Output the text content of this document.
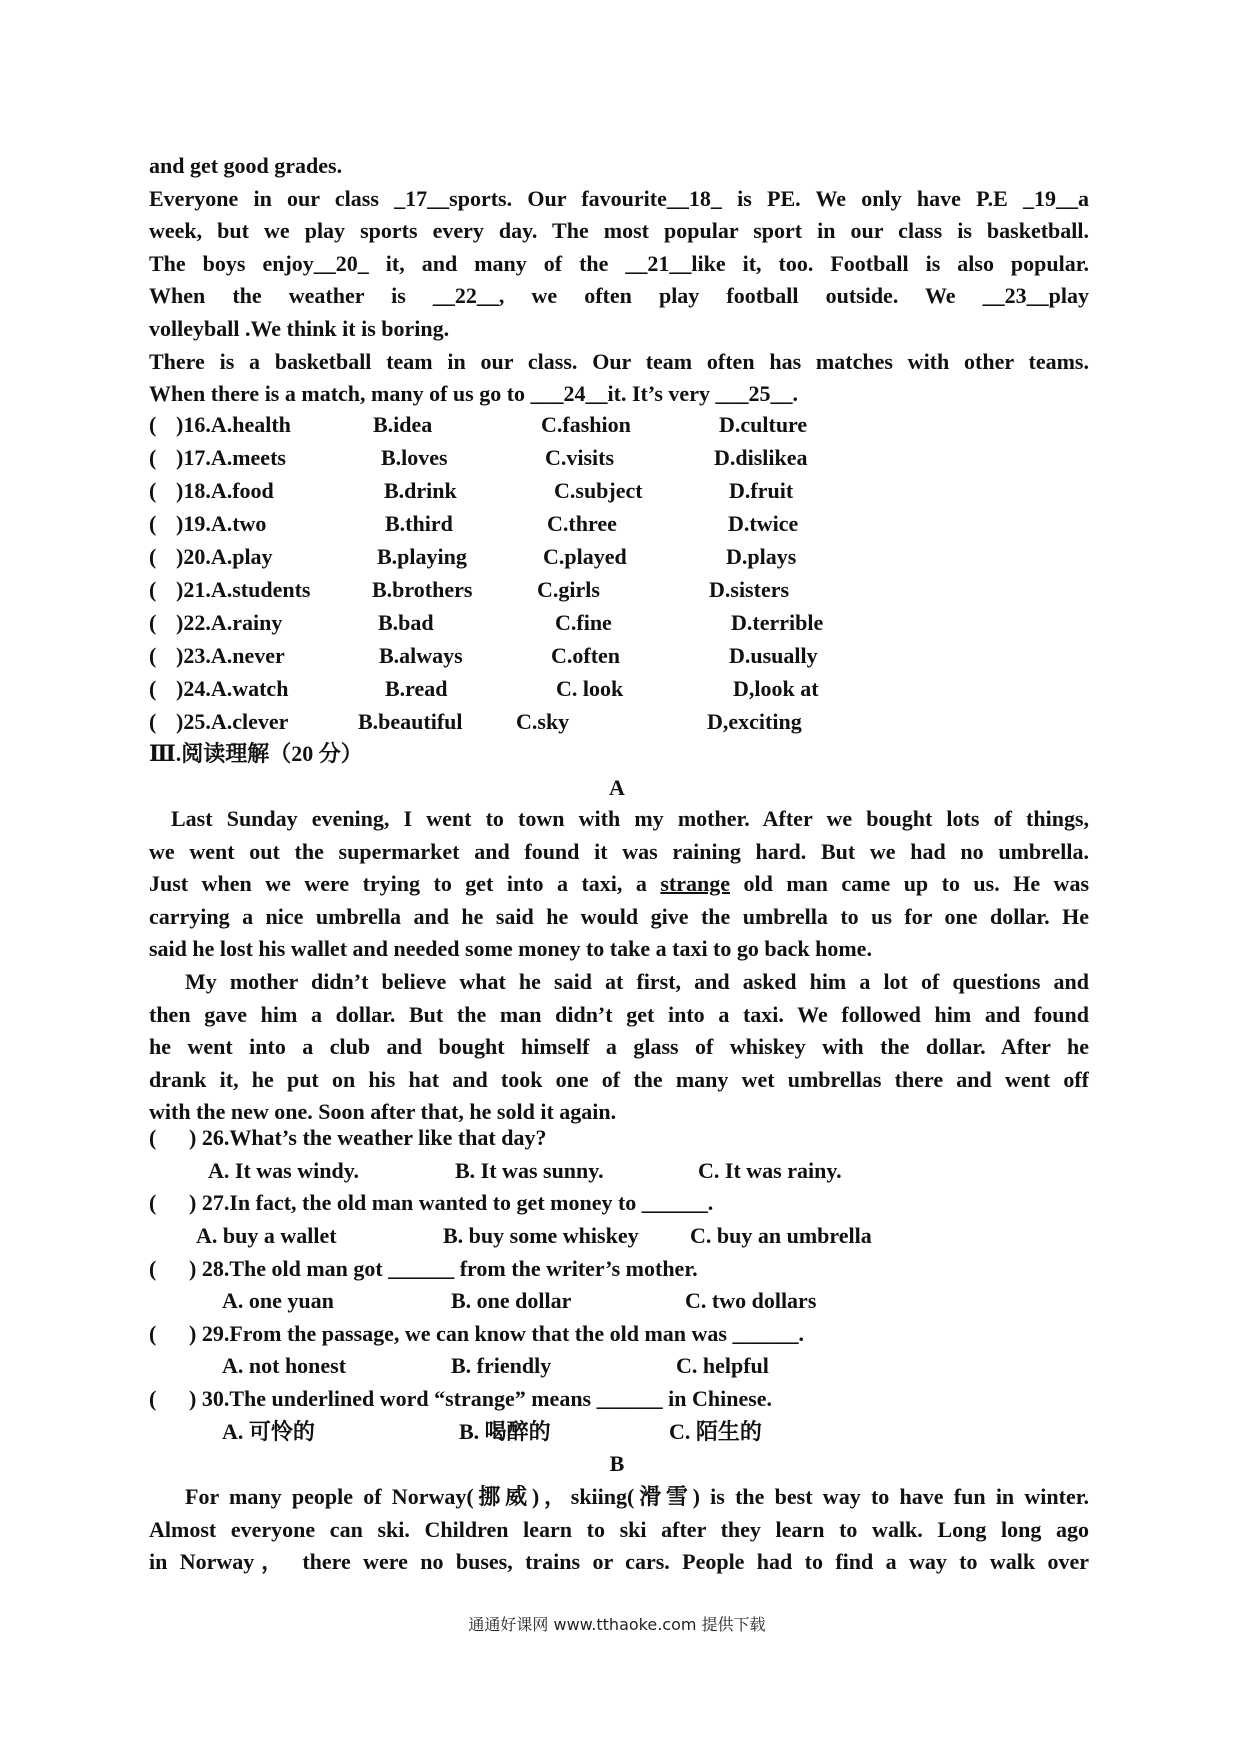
and get good grades.
Everyone in our class _17__sports. Our favourite__18_ is PE. We only have P.E _19__a
week, but we play sports every day. The most popular sport in our class is basketball.
The boys enjoy__20_ it, and many of the __21__like it, too. Football is also popular.
When the weather is __22__, we often play football outside. We __23__play
volleyball .We think it is boring.
There is a basketball team in our class. Our team often has matches with other teams.
When there is a match, many of us go to ___24__it. It’s very ___25__.
( )16.A.health	B.idea	C.fashion	D.culture
( )17.A.meets	B.loves	C.visits	D.dislikea
( )18.A.food	B.drink	C.subject	D.fruit
( )19.A.two	B.third	C.three	D.twice
( )20.A.play	B.playing	C.played	D.plays
( )21.A.students	B.brothers	C.girls	D.sisters
( )22.A.rainy	B.bad	C.fine	D.terrible
( )23.A.never	B.always	C.often	D.usually
( )24.A.watch	B.read	C. look	D,look at
( )25.A.clever	B.beautiful C.sky	D,exciting
Ⅲ.阅读理解（20 分）
A
Last Sunday evening, I went to town with my mother. After we bought lots of things,
we went out the supermarket and found it was raining hard. But we had no umbrella.
Just when we were trying to get into a taxi, a strange old man came up to us. He was
carrying a nice umbrella and he said he would give the umbrella to us for one dollar. He
said he lost his wallet and needed some money to take a taxi to go back home.
My mother didn’t believe what he said at first, and asked him a lot of questions and
then gave him a dollar. But the man didn’t get into a taxi. We followed him and found
he went into a club and bought himself a glass of whiskey with the dollar. After he
drank it, he put on his hat and took one of the many wet umbrellas there and went off
with the new one. Soon after that, he sold it again.
( ) 26.What’s the weather like that day?
A. It was windy.	B. It was sunny.	C. It was rainy.
( ) 27.In fact, the old man wanted to get money to ______.
A. buy a wallet	B. buy some whiskey C. buy an umbrella
( ) 28.The old man got ______ from the writer’s mother.
A. one yuan	B. one dollar	C. two dollars
( ) 29.From the passage, we can know that the old man was ______.
A. not honest	B. friendly	C. helpful
( ) 30.The underlined word “strange” means ______ in Chinese.
A. 可怜的	B. 喝醉的	C. 陌生的
B
For many people of Norway(挪威)，skiing(滑雪) is the best way to have fun in winter.
Almost everyone can ski. Children learn to ski after they learn to walk. Long long ago
in Norway， there were no buses, trains or cars. People had to find a way to walk over
通通好课网 www.tthaoke.com 提供下载
